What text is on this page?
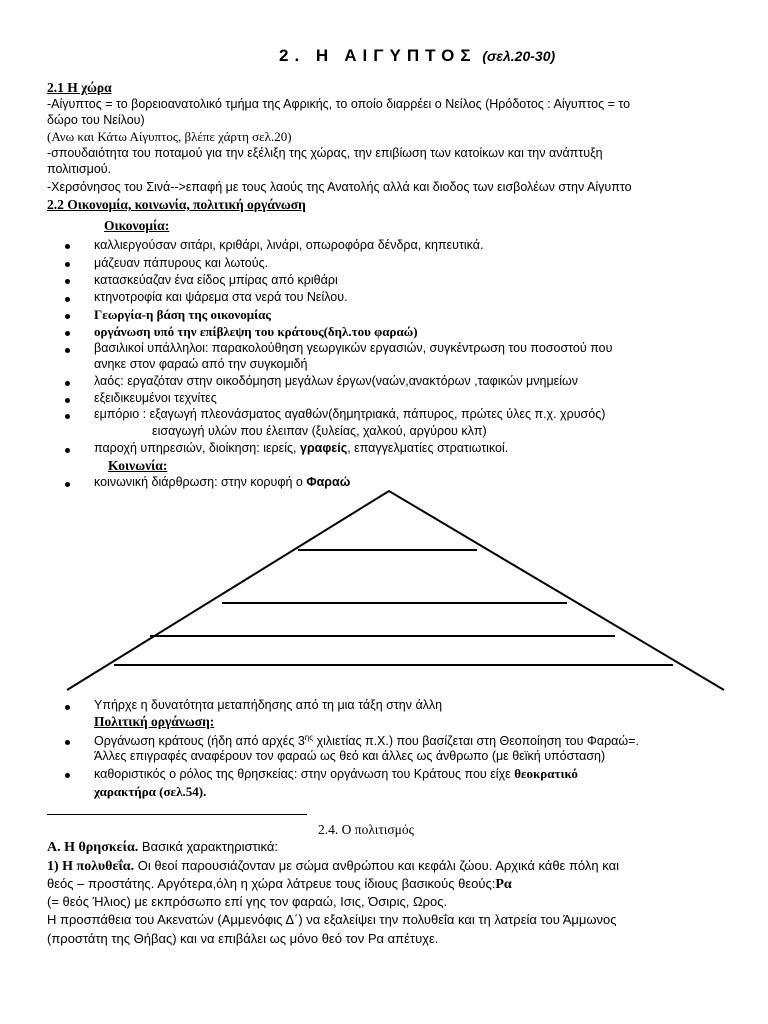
2. Η ΑΙΓΥΠΤΟΣ (σελ.20-30)
2.1 Η χώρα
-Αίγυπτος = το βορειοανατολικό τμήμα της Αφρικής, το οποίο διαρρέει ο Νείλος (Ηρόδοτος : Αίγυπτος = το
δώρο του Νείλου)
(Ανω και Κάτω Αίγυπτος, βλέπε χάρτη σελ.20)
-σπουδαιότητα του ποταμού για την εξέλιξη της χώρας, την επιβίωση των κατοίκων και την ανάπτυξη
πολιτισμού.
-Χερσόνησος του Σινά-->επαφή με τους λαούς της Ανατολής αλλά και διοδος των εισβολέων στην Αίγυπτο
2.2 Οικονομία, κοινωνία, πολιτική οργάνωση
Οικονομία:
καλλιεργούσαν σιτάρι, κριθάρι, λινάρι, οπωροφόρα δένδρα, κηπευτικά.
μάζευαν πάπυρους και λωτούς.
κατασκεύαζαν ένα είδος μπίρας από κριθάρι
κτηνοτροφία και ψάρεμα στα νερά του Νείλου.
Γεωργία-η βάση της οικονομίας
οργάνωση υπό την επίβλεψη του κράτους(δηλ.του φαραώ)
βασιλικοί υπάλληλοι: παρακολούθηση γεωργικών εργασιών, συγκέντρωση του ποσοστού που
ανηκε στον φαραώ από την συγκομιδή
λαός: εργαζόταν στην οικοδόμηση μεγάλων έργων(ναών,ανακτόρων ,ταφικών μνημείων
εξειδικευμένοι τεχνίτες
εμπόριο : εξαγωγή πλεονάσματος αγαθών(δημητριακά, πάπυρος, πρώτες ύλες π.χ. χρυσός)
εισαγωγή υλών που έλειπαν (ξυλείας, χαλκού, αργύρου κλπ)
παροχή υπηρεσιών, διοίκηση: ιερείς, γραφείς, επαγγελματίες στρατιωτικοί.
Κοινωνία:
κοινωνική διάρθρωση: στην κορυφή ο Φαραώ
Υπήρχε η δυνατότητα μεταπήδησης από τη μια τάξη στην άλλη
Πολιτική οργάνωση:
Οργάνωση κράτους (ήδη από αρχές $3^{\eta\varsigma}$ χιλιετίας π.Χ.) που βασίζεται στη Θεοποίηση του Φαραώ=.
Άλλες επιγραφές αναφέρουν τον φαραώ ως θεό και άλλες ως άνθρωπο (με θεϊκή υπόσταση)
καθοριστικός ο ρόλος της θρησκείας: στην οργάνωση του Κράτους που είχε θεοκρατικό
χαρακτήρα (σελ.54).
2.4. Ο πολιτισμός
Α. Η θρησκεία. Βασικά χαρακτηριστικά:
1) Η πολυθεΐα. Οι θεοί παρουσιάζονταν με σώμα ανθρώπου και κεφάλι ζώου. Αρχικά κάθε πόλη και
θεός – προστάτης. Αργότερα,όλη η χώρα λάτρευε τους ίδιους βασικούς θεούς:Ρα
(= θεός Ήλιος) με εκπρόσωπο επί γης τον φαραώ, Ισις, Όσιρις, Ωρος.
Η προσπάθεια του Ακενατών (Αμμενόφις Δ΄) να εξαλείψει την πολυθεΐα και τη λατρεία του Άμμωνος
(προστάτη της Θήβας) και να επιβάλει ως μόνο θεό τον Ρα απέτυχε.
